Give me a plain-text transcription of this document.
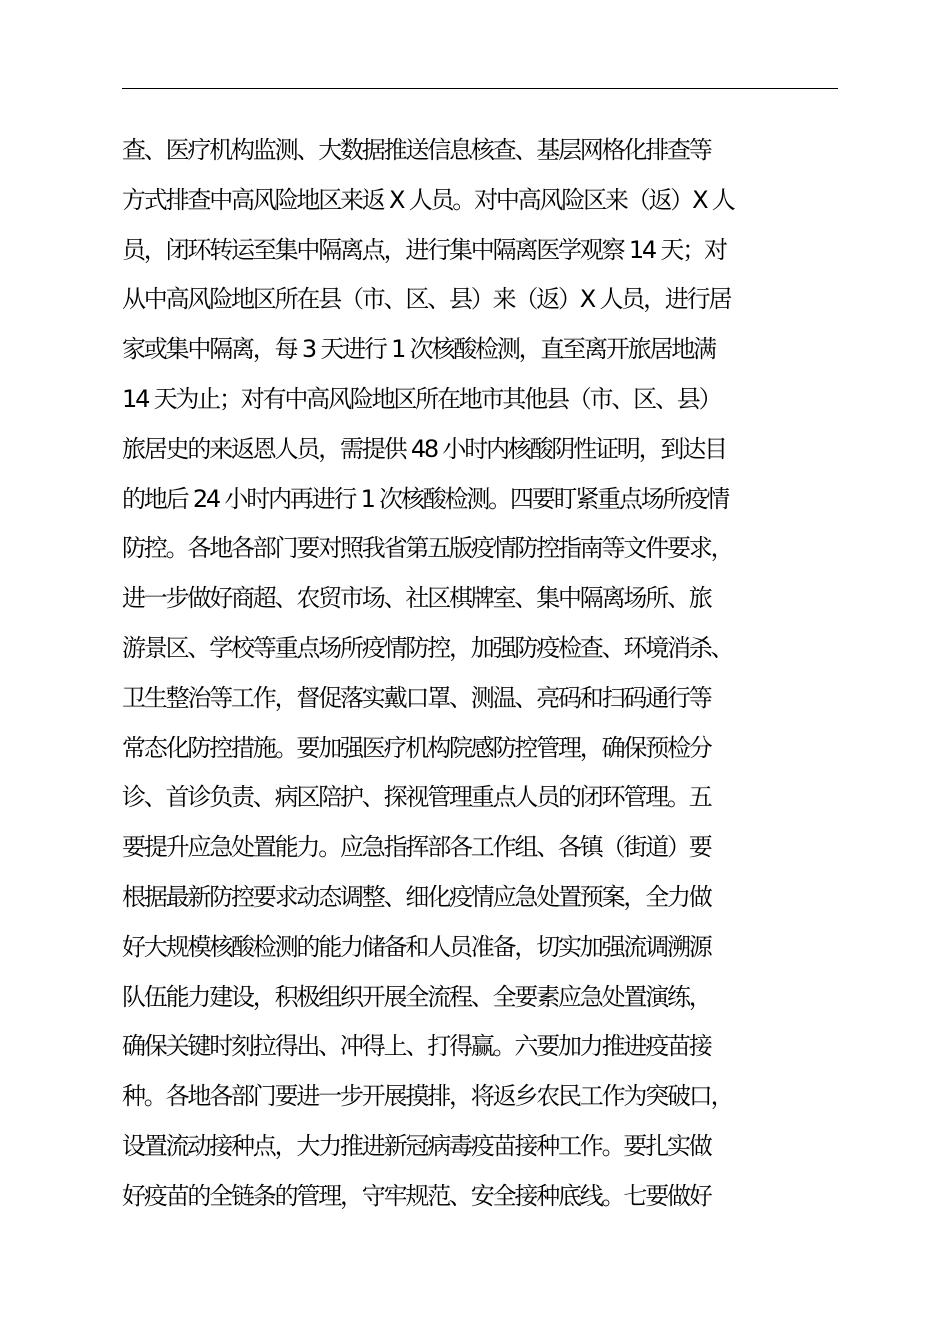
查、医疗机构监测、大数据推送信息核查、基层网格化排查等
方式排查中高风险地区来返 X 人员。对中高风险区来（返）X 人
员，闭环转运至集中隔离点，进行集中隔离医学观察 14 天；对
从中高风险地区所在县（市、区、县）来（返）X 人员，进行居
家或集中隔离，每 3 天进行 1 次核酸检测，直至离开旅居地满
14 天为止；对有中高风险地区所在地市其他县（市、区、县）
旅居史的来返恩人员，需提供 48 小时内核酸阴性证明，到达目
的地后 24 小时内再进行 1 次核酸检测。四要盯紧重点场所疫情
防控。各地各部门要对照我省第五版疫情防控指南等文件要求，
进一步做好商超、农贸市场、社区棋牌室、集中隔离场所、旅
游景区、学校等重点场所疫情防控，加强防疫检查、环境消杀、
卫生整治等工作，督促落实戴口罩、测温、亮码和扫码通行等
常态化防控措施。要加强医疗机构院感防控管理，确保预检分
诊、首诊负责、病区陪护、探视管理重点人员的闭环管理。五
要提升应急处置能力。应急指挥部各工作组、各镇（街道）要
根据最新防控要求动态调整、细化疫情应急处置预案，全力做
好大规模核酸检测的能力储备和人员准备，切实加强流调溯源
队伍能力建设，积极组织开展全流程、全要素应急处置演练，
确保关键时刻拉得出、冲得上、打得赢。六要加力推进疫苗接
种。各地各部门要进一步开展摸排，将返乡农民工作为突破口，
设置流动接种点，大力推进新冠病毒疫苗接种工作。要扎实做
好疫苗的全链条的管理，守牢规范、安全接种底线。七要做好
